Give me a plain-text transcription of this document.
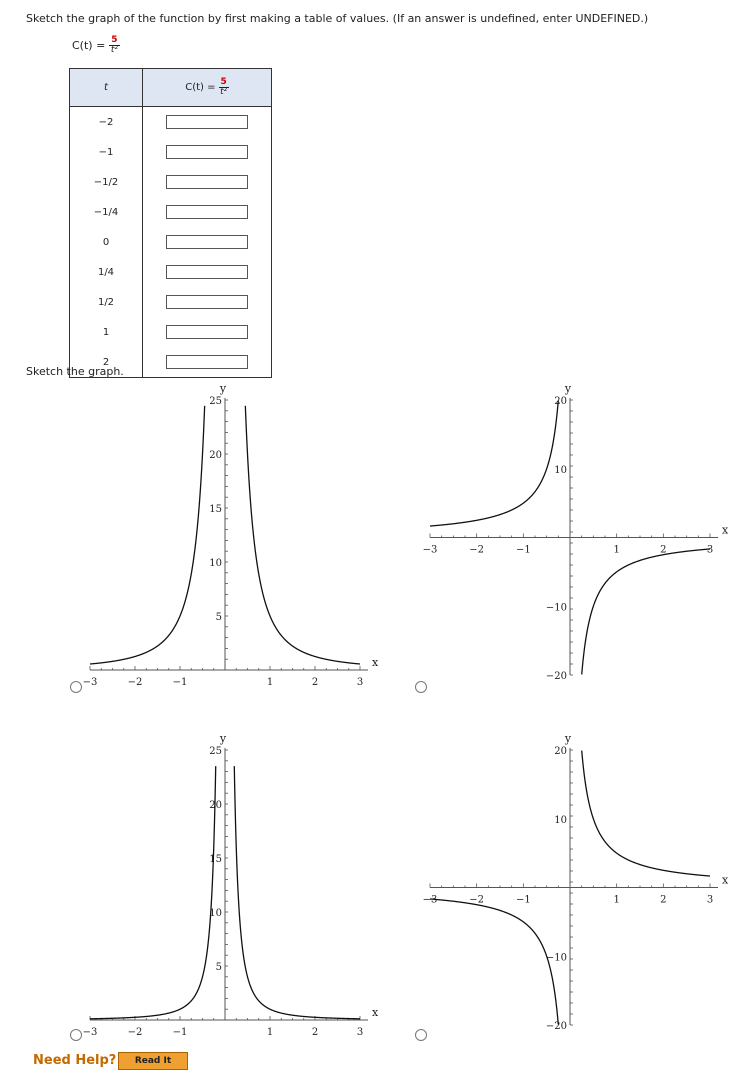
Sketch the graph of the function by first making a table of values. (If an answer is undefined, enter UNDEFINED.)
$C(t) = \frac{5}{\text{t²}}$
t	$C(t) = \frac{5}{\text{t²}}$

−2	
−1	
−1/2	
−1/4	
0	
1/4	
1/2	
1	
2	
Sketch the graph.
−3	−2	−1	1	2	3
5
10
15
20
25
x
y
−3	−2	−1	1	2	3
−20
−10
10
20
x
y
−3	−2	−1	1	2	3
5
10
15
20
25
x
y
−3	−2	−1	1	2	3
−20
−10
10
20
x
y
Need Help?	Read It
